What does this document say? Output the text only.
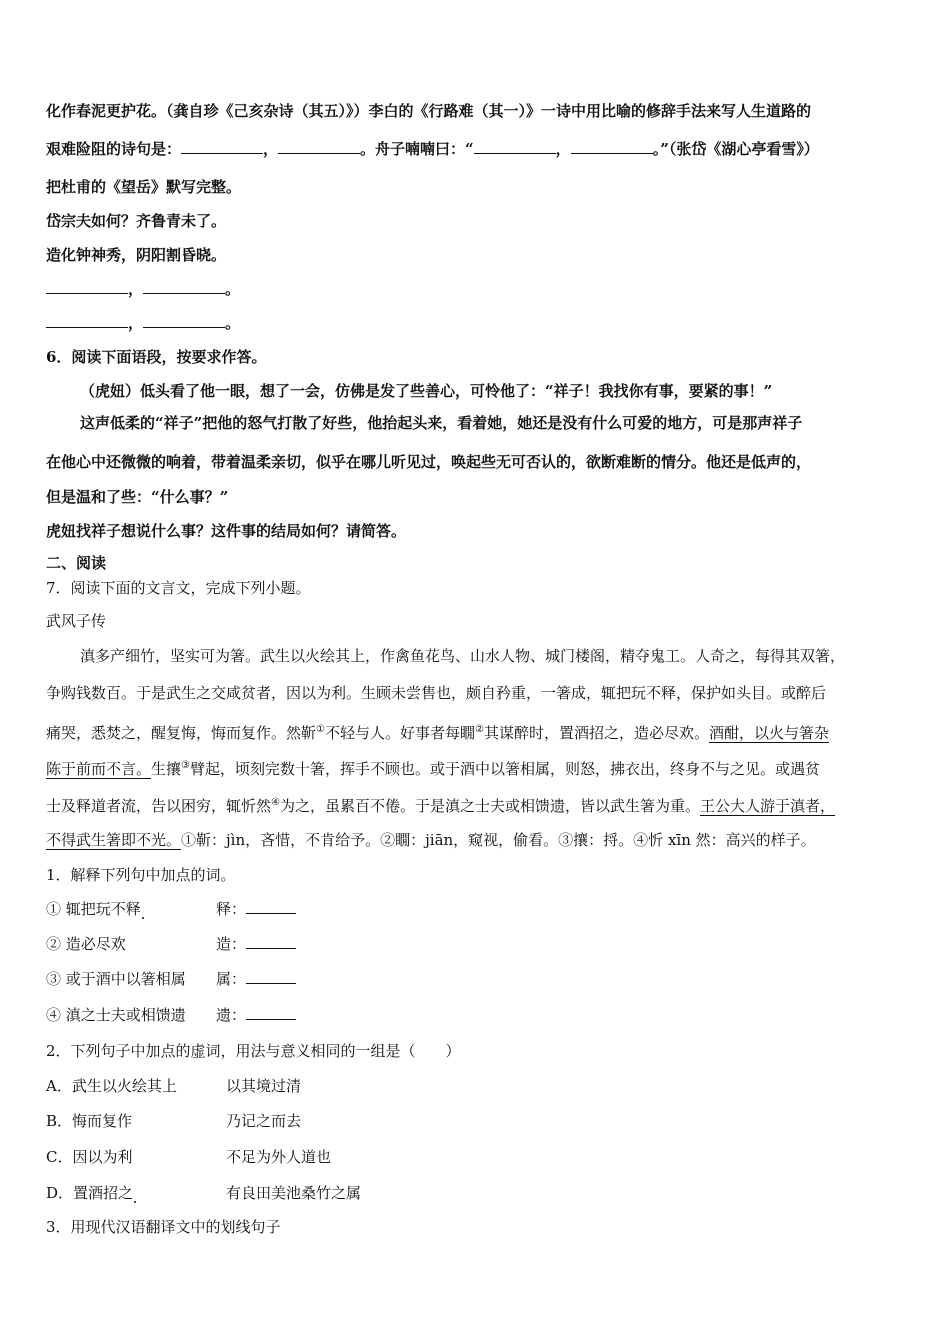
化作春泥更护花。（龚自珍《己亥杂诗（其五）》）李白的《行路难（其一）》一诗中用比喻的修辞手法来写人生道路的
艰难险阻的诗句是：	，	。舟子喃喃曰：“	，	。”（张岱《湖心亭看雪》）
把杜甫的《望岳》默写完整。
岱宗夫如何？齐鲁青未了。
造化钟神秀，阴阳割昏晓。
，	。
，	。
6．阅读下面语段，按要求作答。
（虎妞）低头看了他一眼，想了一会，仿佛是发了些善心，可怜他了：“祥子！我找你有事，要紧的事！”
这声低柔的“祥子”把他的怒气打散了好些，他抬起头来，看着她，她还是没有什么可爱的地方，可是那声祥子
在他心中还微微的响着，带着温柔亲切，似乎在哪儿听见过，唤起些无可否认的，欲断难断的情分。他还是低声的，
但是温和了些：“什么事？”
虎妞找祥子想说什么事？这件事的结局如何？请简答。
二、阅读
7．阅读下面的文言文，完成下列小题。
武风子传
滇多产细竹，坚实可为箸。武生以火绘其上，作禽鱼花鸟、山水人物、城门楼阁，精夺鬼工。人奇之，每得其双箸，
争购钱数百。于是武生之交咸贫者，因以为利。生顾未尝售也，颇自矜重，一箸成，辄把玩不释，保护如头目。或醉后
痛哭，悉焚之，醒复悔，悔而复作。然靳①不轻与人。好事者每瞯②其谋醉时，置酒招之，造必尽欢。酒酣，以火与箸杂
陈于前而不言。生攘③臂起，顷刻完数十箸，挥手不顾也。或于酒中以箸相属，则怒，拂衣出，终身不与之见。或遇贫
士及释道者流，告以困穷，辄忻然④为之，虽累百不倦。于是滇之士夫或相馈遗，皆以武生箸为重。王公大人游于滇者，
不得武生箸即不光。①靳：jìn，吝惜，不肯给予。②瞯：jiān，窥视，偷看。③攘：捋。④忻 xīn 然：高兴的样子。
1．解释下列句中加点的词。
① 辄把玩不释	释：
② 造必尽欢	造：
③ 或于酒中以箸相属 属：
④ 滇之士夫或相馈遗 遗：
2．下列句子中加点的虚词，用法与意义相同的一组是（　　）
A．武生以火绘其上	以其境过清
B．悔而复作	乃记之而去
C．因以为利	不足为外人道也
D．置酒招之	有良田美池桑竹之属
3．用现代汉语翻译文中的划线句子
